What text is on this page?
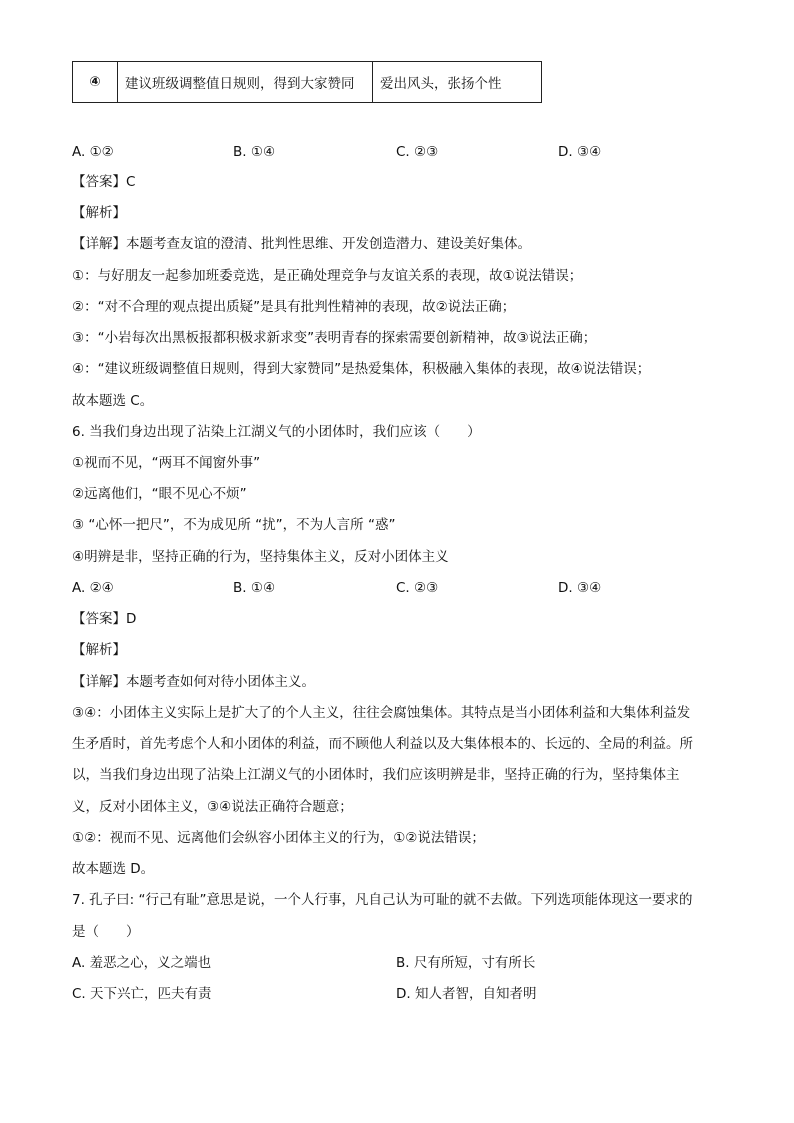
④	建议班级调整值日规则，得到大家赞同	爱出风头，张扬个性
A. ①②	B. ①④	C. ②③	D. ③④
【答案】C
【解析】
【详解】本题考查友谊的澄清、批判性思维、开发创造潜力、建设美好集体。
①：与好朋友一起参加班委竞选，是正确处理竞争与友谊关系的表现，故①说法错误；
②：“对不合理的观点提出质疑”是具有批判性精神的表现，故②说法正确；
③：“小岩每次出黑板报都积极求新求变”表明青春的探索需要创新精神，故③说法正确；
④：“建议班级调整值日规则，得到大家赞同”是热爱集体，积极融入集体的表现，故④说法错误；
故本题选 C。
6. 当我们身边出现了沾染上江湖义气的小团体时，我们应该（　　）
①视而不见，“两耳不闻窗外事”
②远离他们，“眼不见心不烦”
③ “心怀一把尺”，不为成见所 “扰”，不为人言所 “惑”
④明辨是非，坚持正确的行为，坚持集体主义，反对小团体主义
A. ②④	B. ①④	C. ②③	D. ③④
【答案】D
【解析】
【详解】本题考查如何对待小团体主义。
③④：小团体主义实际上是扩大了的个人主义，往往会腐蚀集体。其特点是当小团体利益和大集体利益发
生矛盾时，首先考虑个人和小团体的利益，而不顾他人利益以及大集体根本的、长远的、全局的利益。所
以，当我们身边出现了沾染上江湖义气的小团体时，我们应该明辨是非，坚持正确的行为，坚持集体主
义，反对小团体主义，③④说法正确符合题意；
①②：视而不见、远离他们会纵容小团体主义的行为，①②说法错误；
故本题选 D。
7. 孔子曰: “行己有耻”意思是说，一个人行事，凡自己认为可耻的就不去做。下列选项能体现这一要求的
是（　　）
A. 羞恶之心，义之端也	B. 尺有所短，寸有所长
C. 天下兴亡，匹夫有责	D. 知人者智，自知者明
